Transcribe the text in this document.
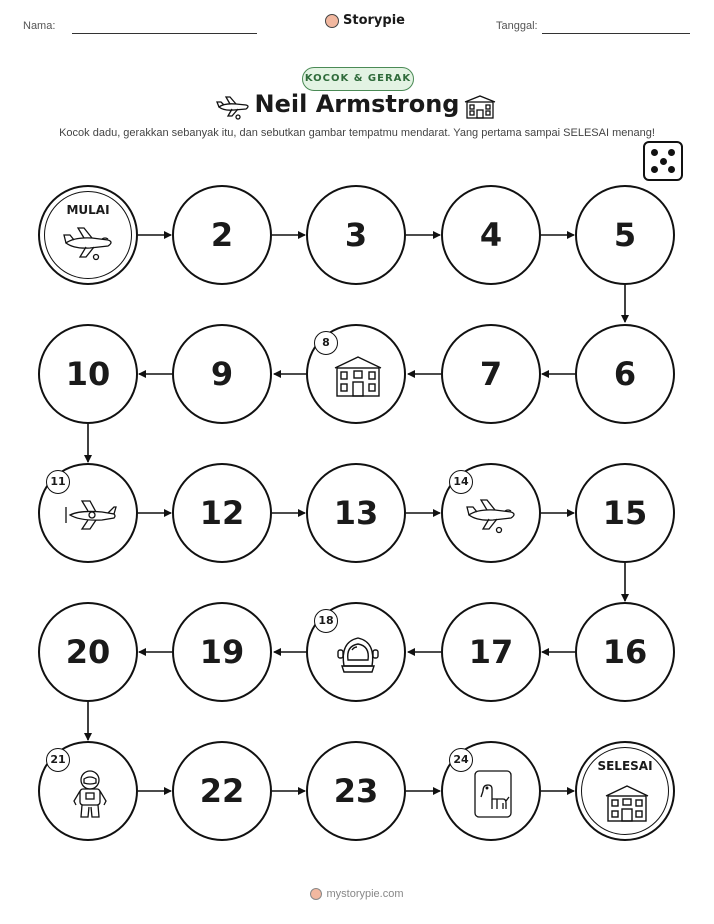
Nama:	Storypie	Tanggal:
KOCOK & GERAK
Neil Armstrong
Kocok dadu, gerakkan sebanyak itu, dan sebutkan gambar tempatmu mendarat. Yang pertama sampai SELESAI menang!
MULAI
2	3	4	5
10	9
8
7	6
11
12	13
14
15
20	19
18
17	16
21
22	23
24	SELESAI
mystorypie.com
